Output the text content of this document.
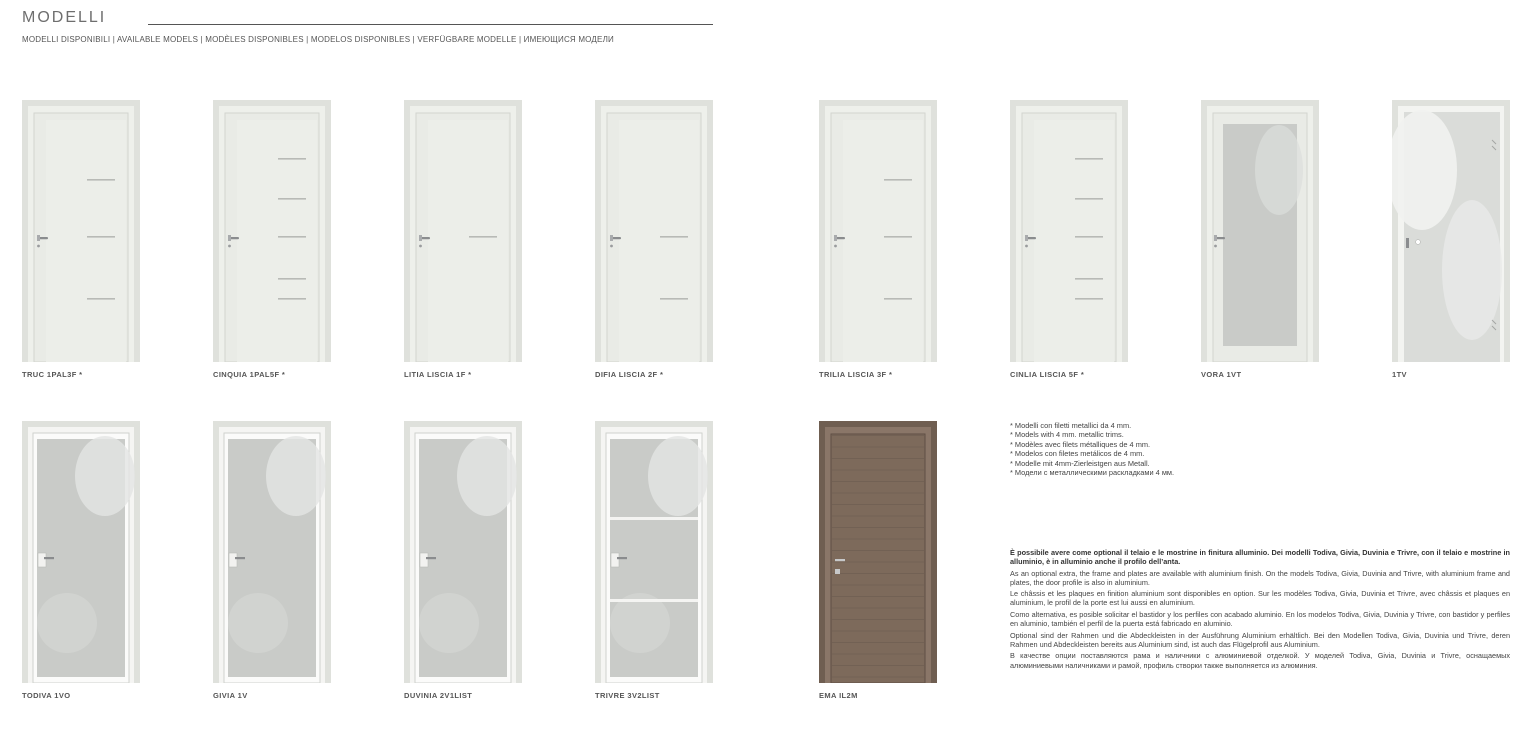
MODELLI
MODELLI DISPONIBILI | AVAILABLE MODELS | MODÈLES DISPONIBLES | MODELOS DISPONIBLES | VERFÜGBARE MODELLE | ИМЕЮЩИСЯ МОДЕЛИ
TRUC 1PAL3F *	CINQUIA 1PAL5F *	LITIA LISCIA 1F *	DIFIA LISCIA 2F *	TRILIA LISCIA 3F *	CINLIA LISCIA 5F *	VORA 1VT	1TV
TODIVA 1VO	GIVIA 1V	DUVINIA 2V1LIST	TRIVRE 3V2LIST	EMA IL2M
* Modelli con filetti metallici da 4 mm.
* Models with 4 mm. metallic trims.
* Modèles avec filets métalliques de 4 mm.
* Modelos con filetes metálicos de 4 mm.
* Modelle mit 4mm-Zierleistgen aus Metall.
* Модели с металлическими раскладками 4 мм.

È possibile avere come optional il telaio e le mostrine in finitura alluminio. Dei modelli Todiva, Givia, Duvinia e Trivre, con il telaio e mostrine in alluminio, è in alluminio anche il profilo dell’anta.

As an optional extra, the frame and plates are available with aluminium finish. On the models Todiva, Givia, Duvinia and Trivre, with aluminium frame and plates, the door profile is also in aluminium.

Le châssis et les plaques en finition aluminium sont disponibles en option. Sur les modèles Todiva, Givia, Duvinia et Trivre, avec châssis et plaques en aluminium, le profil de la porte est lui aussi en aluminium.

Como alternativa, es posible solicitar el bastidor y los perfiles con acabado aluminio. En los modelos Todiva, Givia, Duvinia y Trivre, con bastidor y perfiles en aluminio, también el perfil de la puerta está fabricado en aluminio.

Optional sind der Rahmen und die Abdeckleisten in der Ausführung Aluminium erhältlich. Bei den Modellen Todiva, Givia, Duvinia und Trivre, deren Rahmen und Abdeckleisten bereits aus Aluminium sind, ist auch das Flügelprofil aus Aluminium.

В качестве опции поставляются рама и наличники с алюминиевой отделкой. У моделей Todiva, Givia, Duvinia и Trivre, оснащаемых алюминиевыми наличниками и рамой, профиль створки также выполняется из алюминия.
